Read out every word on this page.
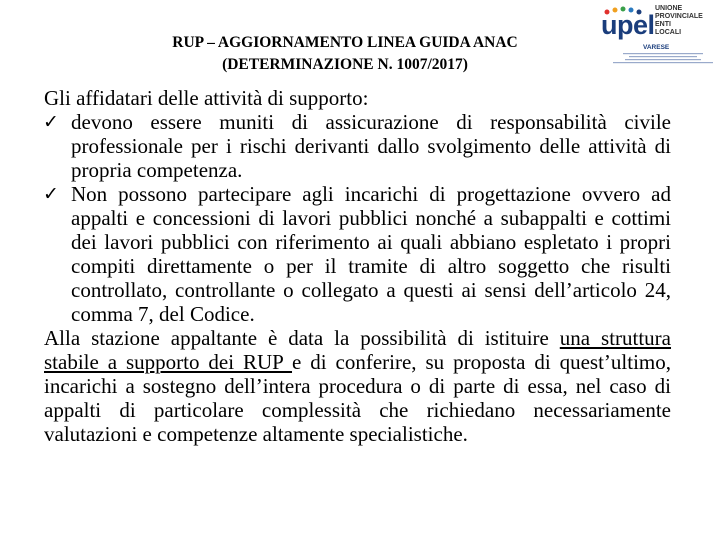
RUP – AGGIORNAMENTO LINEA GUIDA ANAC
(DETERMINAZIONE N. 1007/2017)
upel
UNIONE
PROVINCIALE
ENTI
LOCALI
VARESE

Gli affidatari delle attività di supporto:

✓ devono essere muniti di assicurazione di responsabilità civile professionale per i rischi derivanti dallo svolgimento delle attività di propria competenza.
✓ Non possono partecipare agli incarichi di progettazione ovvero ad appalti e concessioni di lavori pubblici nonché a subappalti e cottimi dei lavori pubblici con riferimento ai quali abbiano espletato i propri compiti direttamente o per il tramite di altro soggetto che risulti controllato, controllante o collegato a questi ai sensi dell’articolo 24, comma 7, del Codice.

Alla stazione appaltante è data la possibilità di istituire una struttura stabile a supporto dei RUP e di conferire, su proposta di quest’ultimo, incarichi a sostegno dell’intera procedura o di parte di essa, nel caso di appalti di particolare complessità che richiedano necessariamente valutazioni e competenze altamente specialistiche.
